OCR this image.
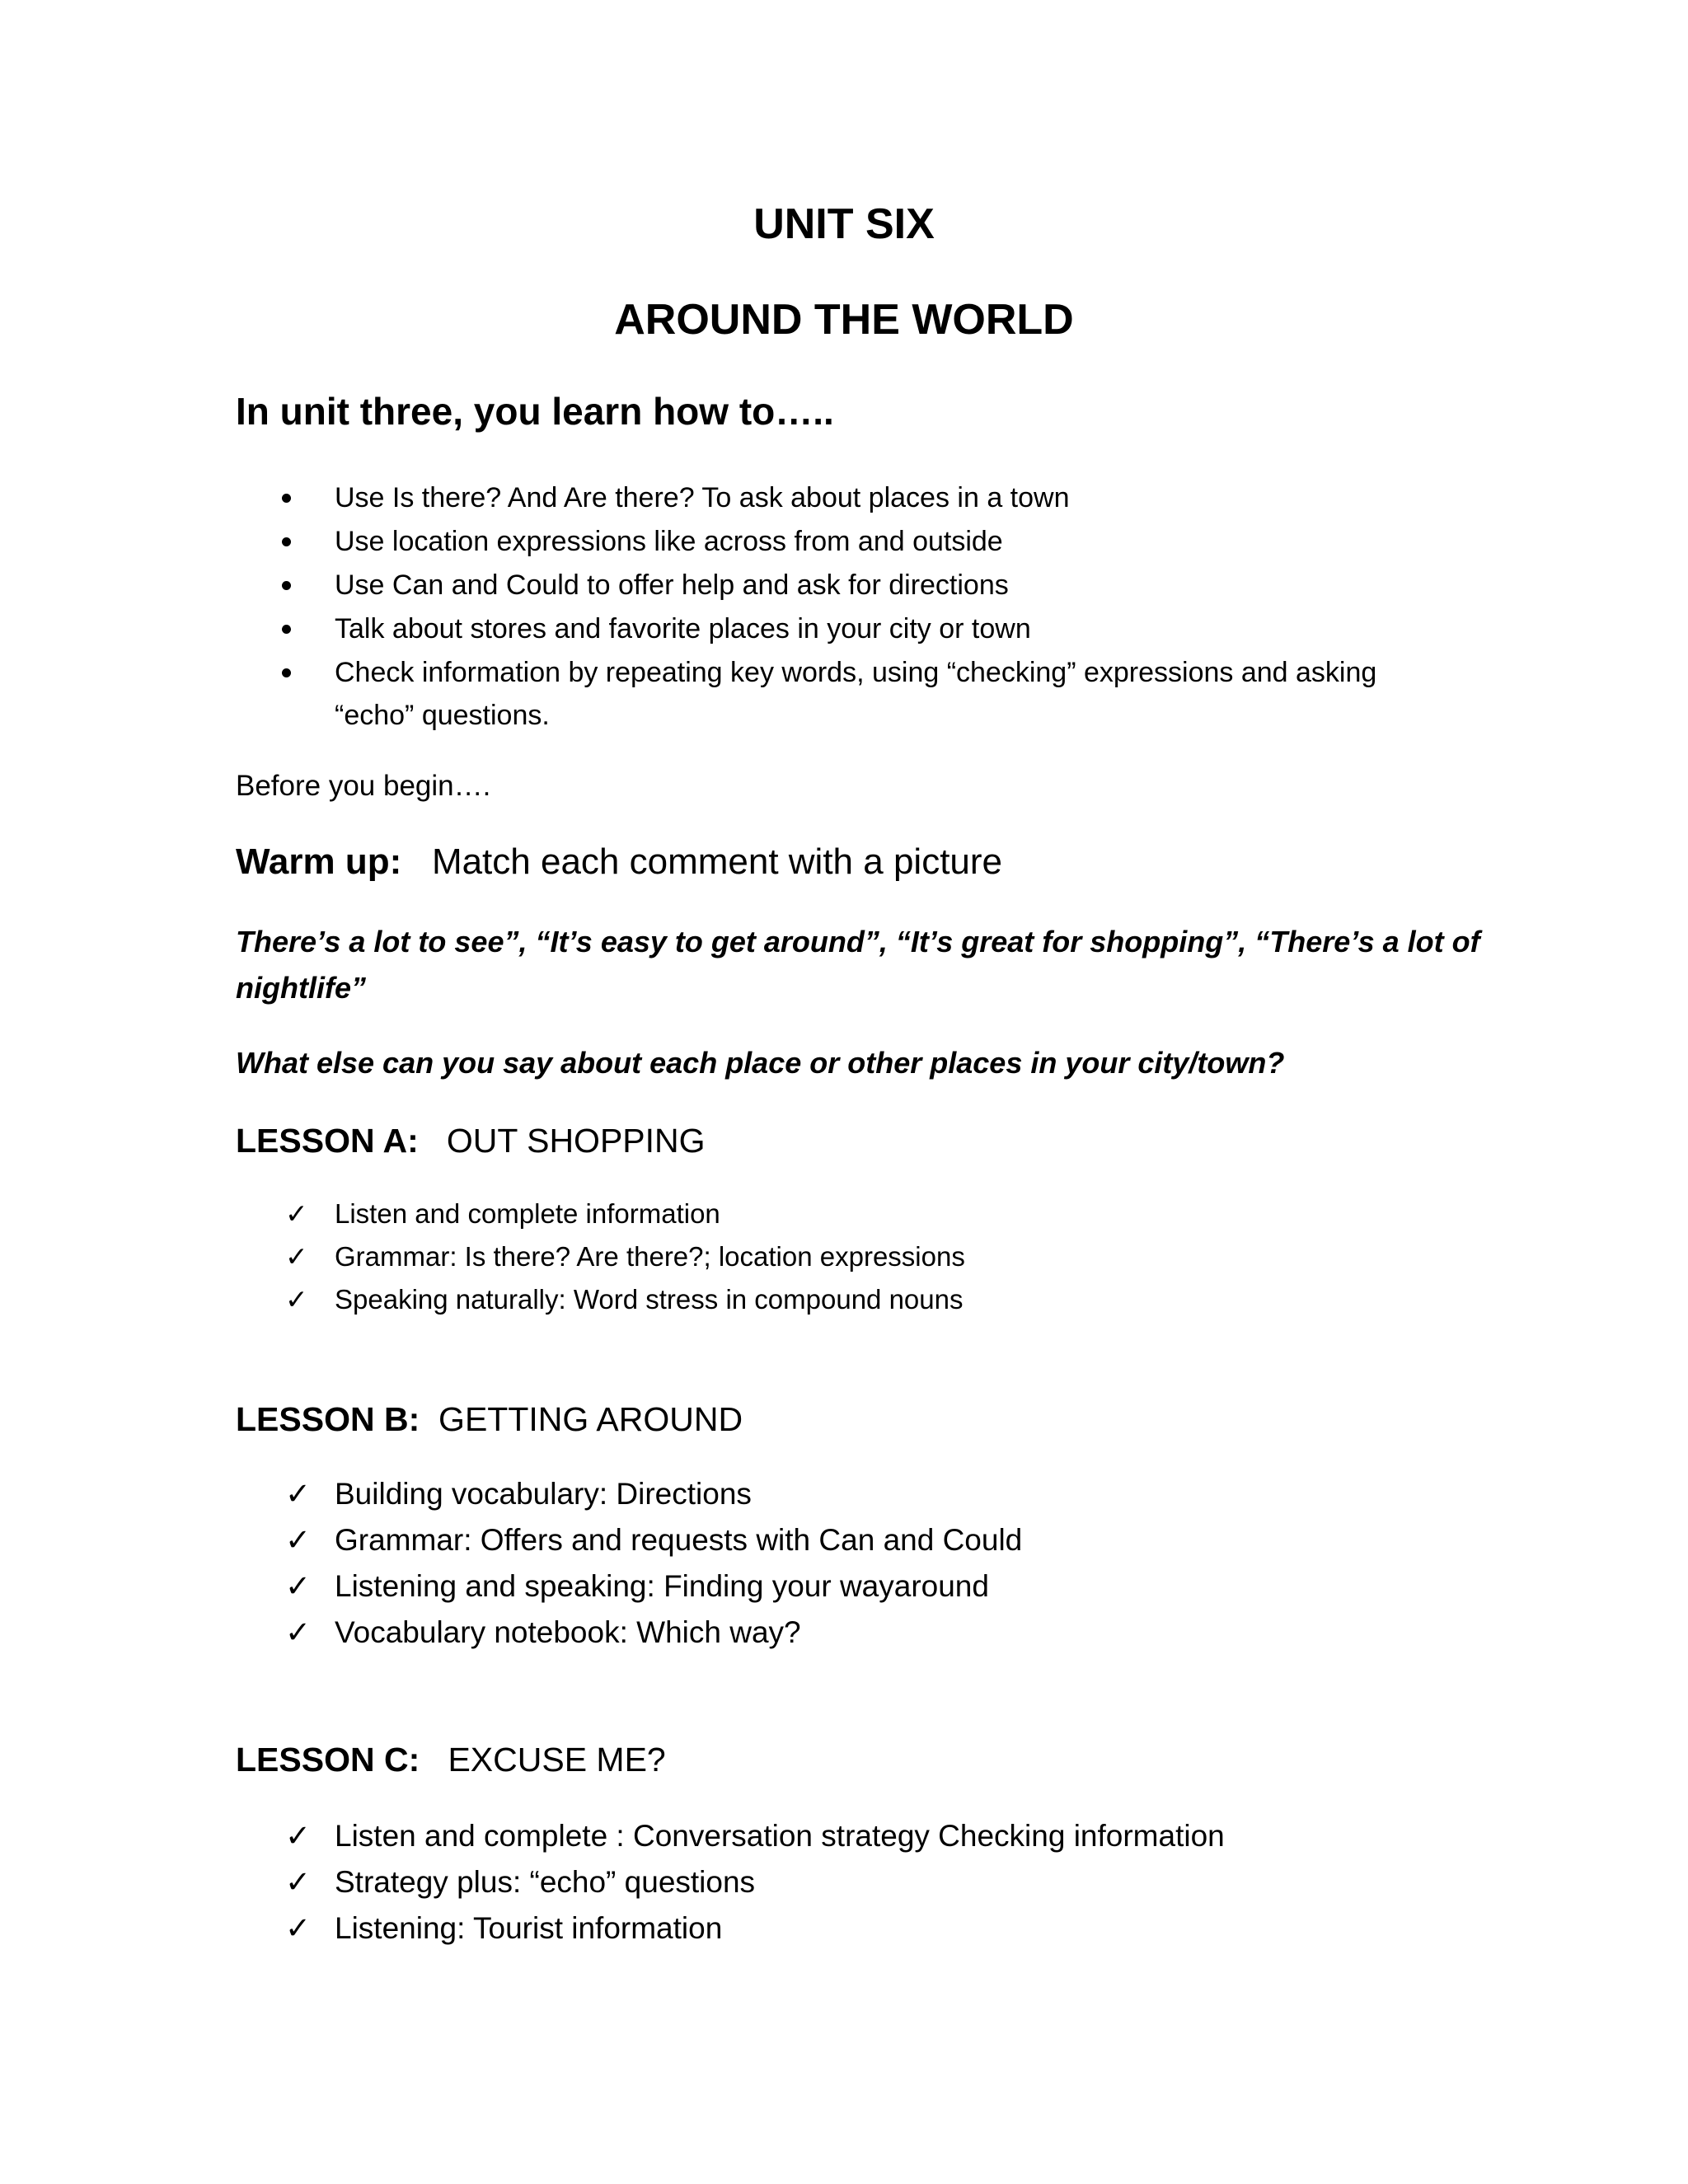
UNIT SIX
AROUND THE WORLD
In unit three, you learn how to…..
Use Is there? And Are there? To ask about places in a town
Use location expressions like across from and outside
Use Can and Could to offer help and ask for directions
Talk about stores and favorite places in your city or town
Check information by repeating key words, using “checking” expressions and asking “echo” questions.

Before you begin….

Warm up: Match each comment with a picture

There’s a lot to see”, “It’s easy to get around”, “It’s great for shopping”, “There’s a lot of nightlife”

What else can you say about each place or other places in your city/town?

LESSON A: OUT SHOPPING

✓ Listen and complete information
✓ Grammar: Is there? Are there?; location expressions
✓ Speaking naturally: Word stress in compound nouns

LESSON B: GETTING AROUND

✓ Building vocabulary: Directions
✓ Grammar: Offers and requests with Can and Could
✓ Listening and speaking: Finding your wayaround
✓ Vocabulary notebook: Which way?

LESSON C: EXCUSE ME?

✓ Listen and complete : Conversation strategy Checking information
✓ Strategy plus: “echo” questions
✓ Listening: Tourist information
